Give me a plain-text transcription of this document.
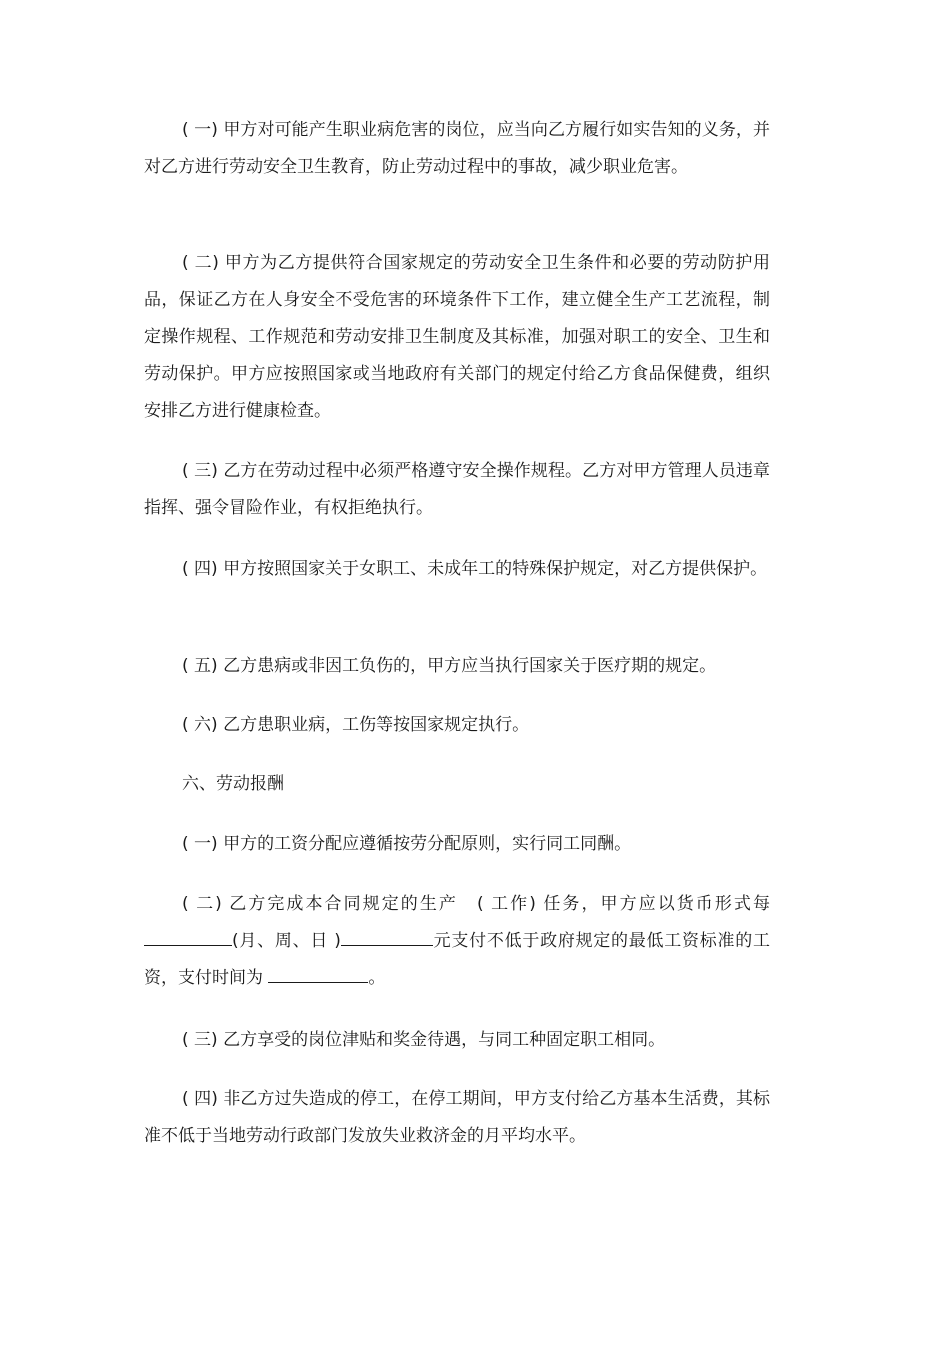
( 一) 甲方对可能产生职业病危害的岗位，应当向乙方履行如实告知的义务，并对乙方进行劳动安全卫生教育，防止劳动过程中的事故，减少职业危害。

( 二) 甲方为乙方提供符合国家规定的劳动安全卫生条件和必要的劳动防护用品，保证乙方在人身安全不受危害的环境条件下工作，建立健全生产工艺流程，制定操作规程、工作规范和劳动安排卫生制度及其标准，加强对职工的安全、卫生和劳动保护。甲方应按照国家或当地政府有关部门的规定付给乙方食品保健费，组织安排乙方进行健康检查。

( 三) 乙方在劳动过程中必须严格遵守安全操作规程。乙方对甲方管理人员违章指挥、强令冒险作业，有权拒绝执行。

( 四) 甲方按照国家关于女职工、未成年工的特殊保护规定，对乙方提供保护。

( 五) 乙方患病或非因工负伤的，甲方应当执行国家关于医疗期的规定。

( 六) 乙方患职业病，工伤等按国家规定执行。

六、劳动报酬

( 一) 甲方的工资分配应遵循按劳分配原则，实行同工同酬。

( 二) 乙方完成本合同规定的生产　( 工作) 任务，甲方应以货币形式每(月、周、日 )	元支付不低于政府规定的最低工资标准的工资，支付时间为	。

( 三) 乙方享受的岗位津贴和奖金待遇，与同工种固定职工相同。

( 四) 非乙方过失造成的停工，在停工期间，甲方支付给乙方基本生活费，其标准不低于当地劳动行政部门发放失业救济金的月平均水平。
